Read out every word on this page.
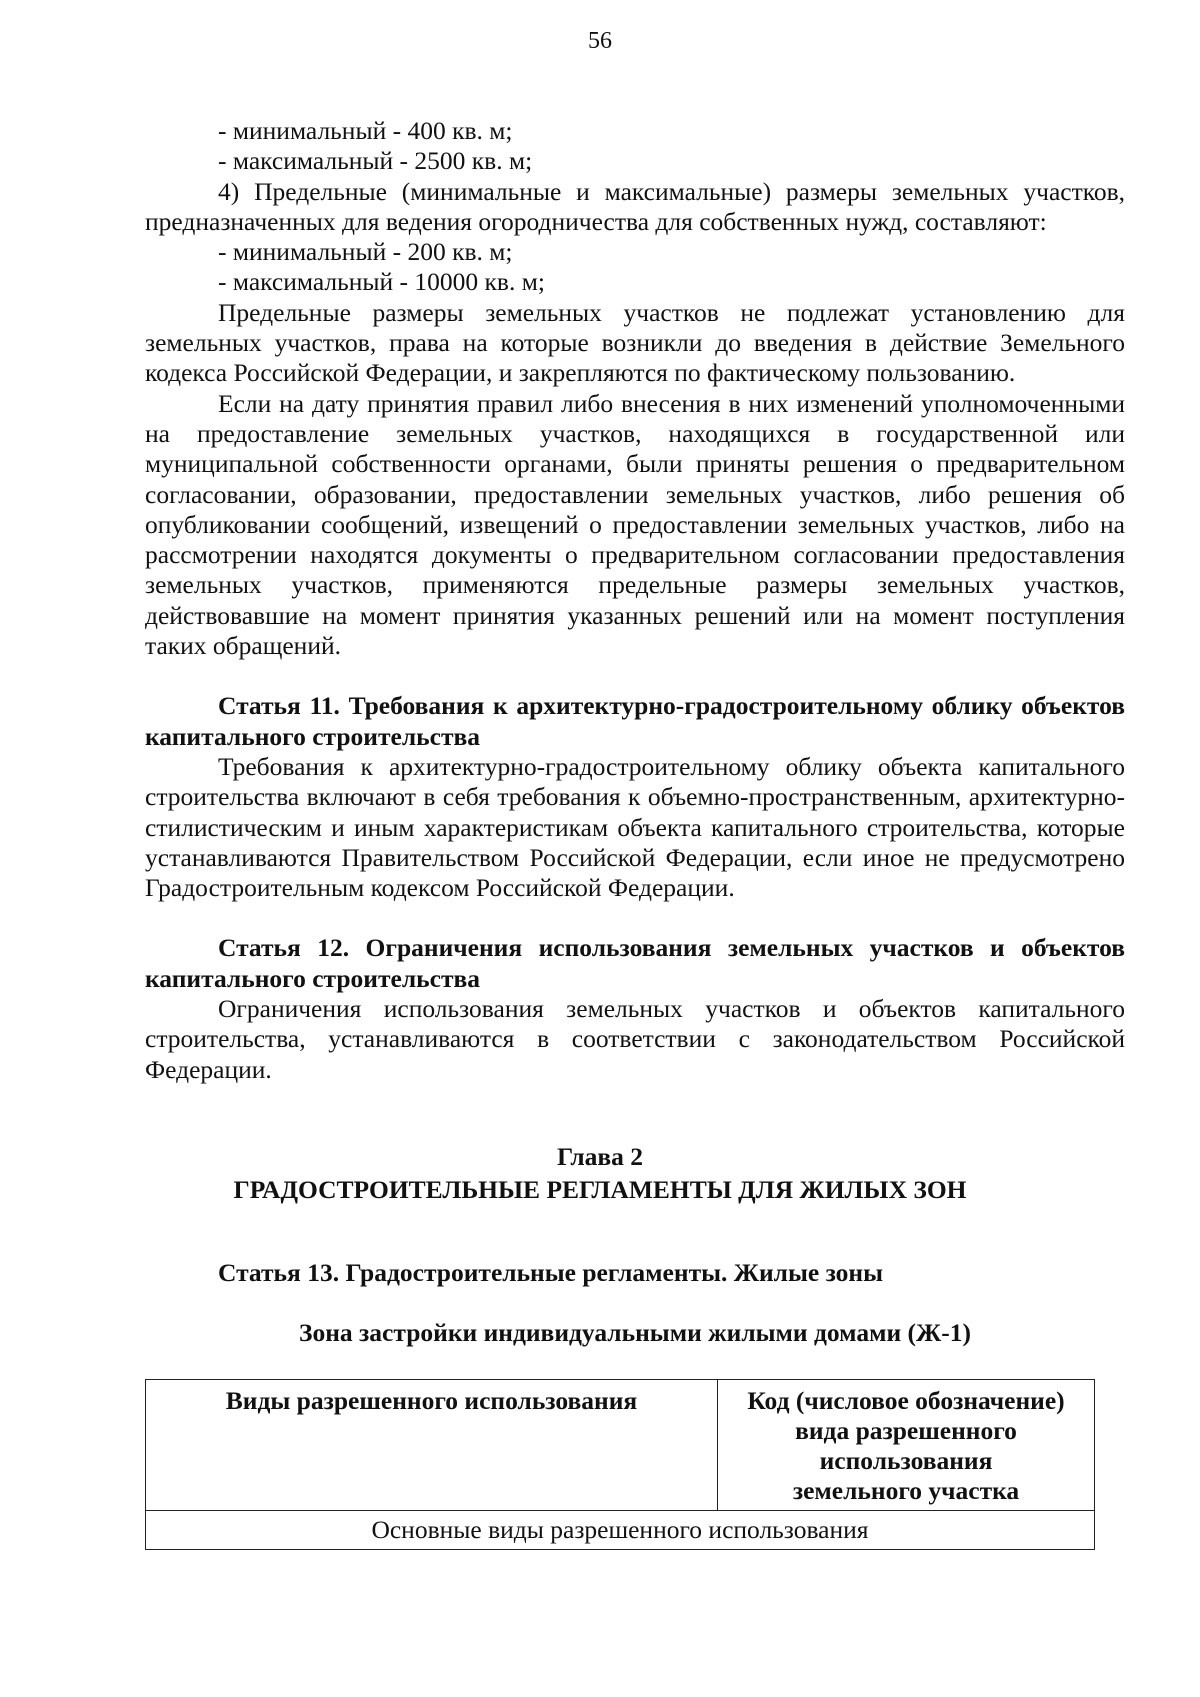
56

- минимальный - 400 кв. м;

- максимальный - 2500 кв. м;

4) Предельные (минимальные и максимальные) размеры земельных участков, предназначенных для ведения огородничества для собственных нужд, составляют:

- минимальный - 200 кв. м;

- максимальный - 10000 кв. м;

Предельные размеры земельных участков не подлежат установлению для земельных участков, права на которые возникли до введения в действие Земельного кодекса Российской Федерации, и закрепляются по фактическому пользованию.

Если на дату принятия правил либо внесения в них изменений уполномоченными на предоставление земельных участков, находящихся в государственной или муниципальной собственности органами, были приняты решения о предварительном согласовании, образовании, предоставлении земельных участков, либо решения об опубликовании сообщений, извещений о предоставлении земельных участков, либо на рассмотрении находятся документы о предварительном согласовании предоставления земельных участков, применяются предельные размеры земельных участков, действовавшие на момент принятия указанных решений или на момент поступления таких обращений.

Статья 11. Требования к архитектурно-градостроительному облику объектов капитального строительства

Требования к архитектурно-градостроительному облику объекта капитального строительства включают в себя требования к объемно-пространственным, архитектурно-стилистическим и иным характеристикам объекта капитального строительства, которые устанавливаются Правительством Российской Федерации, если иное не предусмотрено Градостроительным кодексом Российской Федерации.

Статья 12. Ограничения использования земельных участков и объектов капитального строительства

Ограничения использования земельных участков и объектов капитального строительства, устанавливаются в соответствии с законодательством Российской Федерации.

Глава 2
ГРАДОСТРОИТЕЛЬНЫЕ РЕГЛАМЕНТЫ ДЛЯ ЖИЛЫХ ЗОН
Статья 13. Градостроительные регламенты. Жилые зоны
Зона застройки индивидуальными жилыми домами (Ж-1)
Виды разрешенного использования	Код (числовое обозначение)
вида разрешенного
использования
земельного участка

Основные виды разрешенного использования
